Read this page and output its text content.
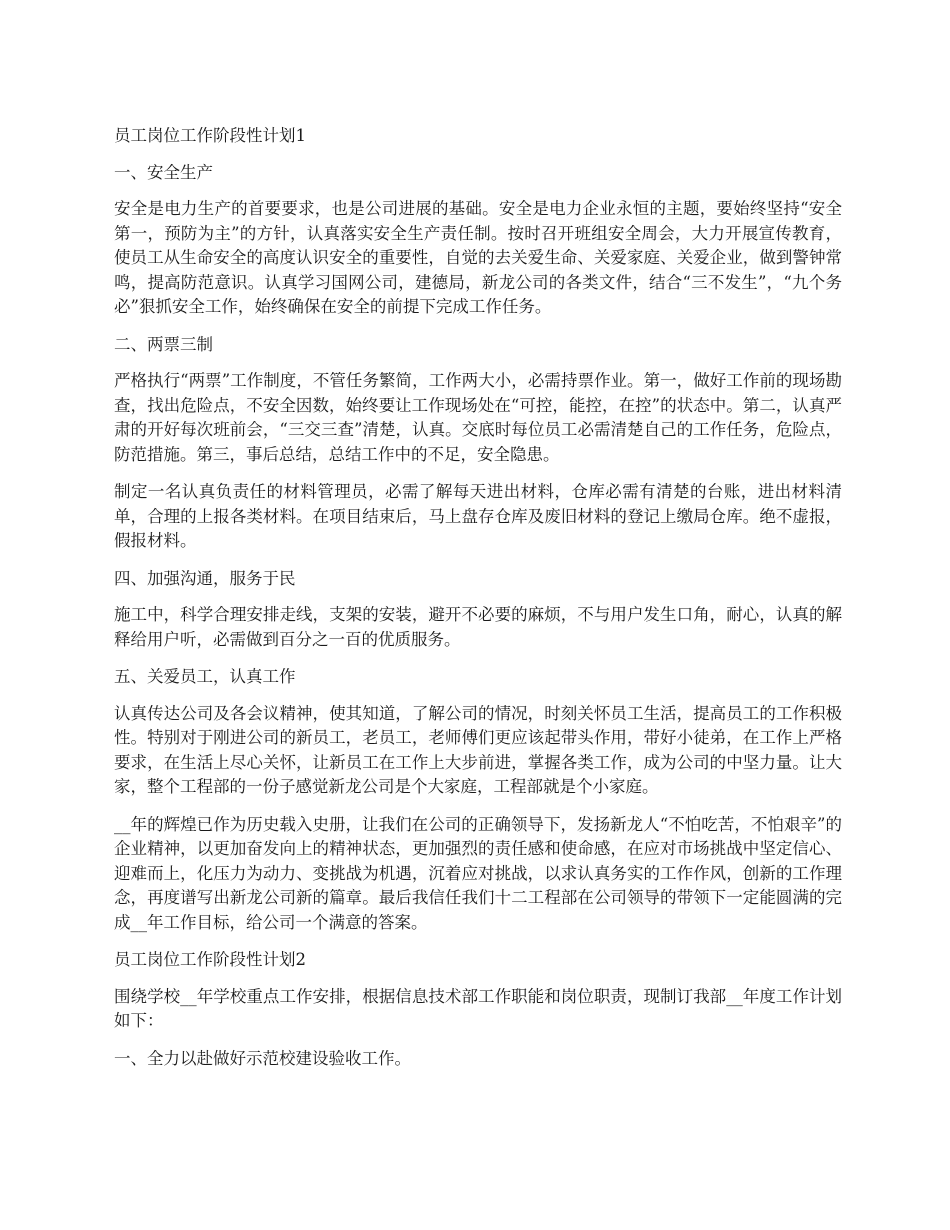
员工岗位工作阶段性计划1

一、安全生产

安全是电力生产的首要要求，也是公司进展的基础。安全是电力企业永恒的主题，要始终坚持“安全第一，预防为主”的方针，认真落实安全生产责任制。按时召开班组安全周会，大力开展宣传教育，使员工从生命安全的高度认识安全的重要性，自觉的去关爱生命、关爱家庭、关爱企业，做到警钟常鸣，提高防范意识。认真学习国网公司，建德局，新龙公司的各类文件，结合“三不发生”，“九个务必”狠抓安全工作，始终确保在安全的前提下完成工作任务。

二、两票三制

严格执行“两票”工作制度，不管任务繁简，工作两大小，必需持票作业。第一，做好工作前的现场勘查，找出危险点，不安全因数，始终要让工作现场处在“可控，能控，在控”的状态中。第二，认真严肃的开好每次班前会，“三交三查”清楚，认真。交底时每位员工必需清楚自己的工作任务，危险点，防范措施。第三，事后总结，总结工作中的不足，安全隐患。

制定一名认真负责任的材料管理员，必需了解每天进出材料，仓库必需有清楚的台账，进出材料清单，合理的上报各类材料。在项目结束后，马上盘存仓库及废旧材料的登记上缴局仓库。绝不虚报，假报材料。

四、加强沟通，服务于民

施工中，科学合理安排走线，支架的安装，避开不必要的麻烦，不与用户发生口角，耐心，认真的解释给用户听，必需做到百分之一百的优质服务。

五、关爱员工，认真工作

认真传达公司及各会议精神，使其知道，了解公司的情况，时刻关怀员工生活，提高员工的工作积极性。特别对于刚进公司的新员工，老员工，老师傅们更应该起带头作用，带好小徒弟，在工作上严格要求，在生活上尽心关怀，让新员工在工作上大步前进，掌握各类工作，成为公司的中坚力量。让大家，整个工程部的一份子感觉新龙公司是个大家庭，工程部就是个小家庭。

__年的辉煌已作为历史载入史册，让我们在公司的正确领导下，发扬新龙人“不怕吃苦，不怕艰辛”的企业精神，以更加奋发向上的精神状态，更加强烈的责任感和使命感，在应对市场挑战中坚定信心、迎难而上，化压力为动力、变挑战为机遇，沉着应对挑战，以求认真务实的工作作风，创新的工作理念，再度谱写出新龙公司新的篇章。最后我信任我们十二工程部在公司领导的带领下一定能圆满的完成__年工作目标，给公司一个满意的答案。

员工岗位工作阶段性计划2

围绕学校__年学校重点工作安排，根据信息技术部工作职能和岗位职责，现制订我部__年度工作计划如下：

一、全力以赴做好示范校建设验收工作。
